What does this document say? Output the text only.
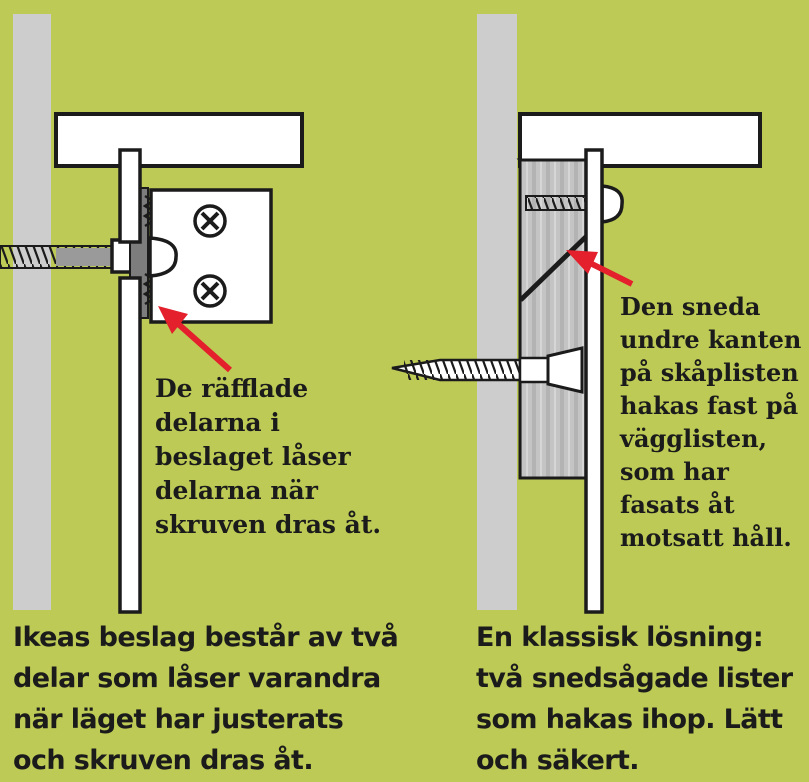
De räfflade
delarna i
beslaget låser
delarna när
skruven dras åt.
Den sneda
undre kanten
på skåplisten
hakas fast på
vägglisten,
som har
fasats åt
motsatt håll.
Ikeas beslag består av två
delar som låser varandra
när läget har justerats
och skruven dras åt.
En klassisk lösning:
två snedsågade lister
som hakas ihop. Lätt
och säkert.
